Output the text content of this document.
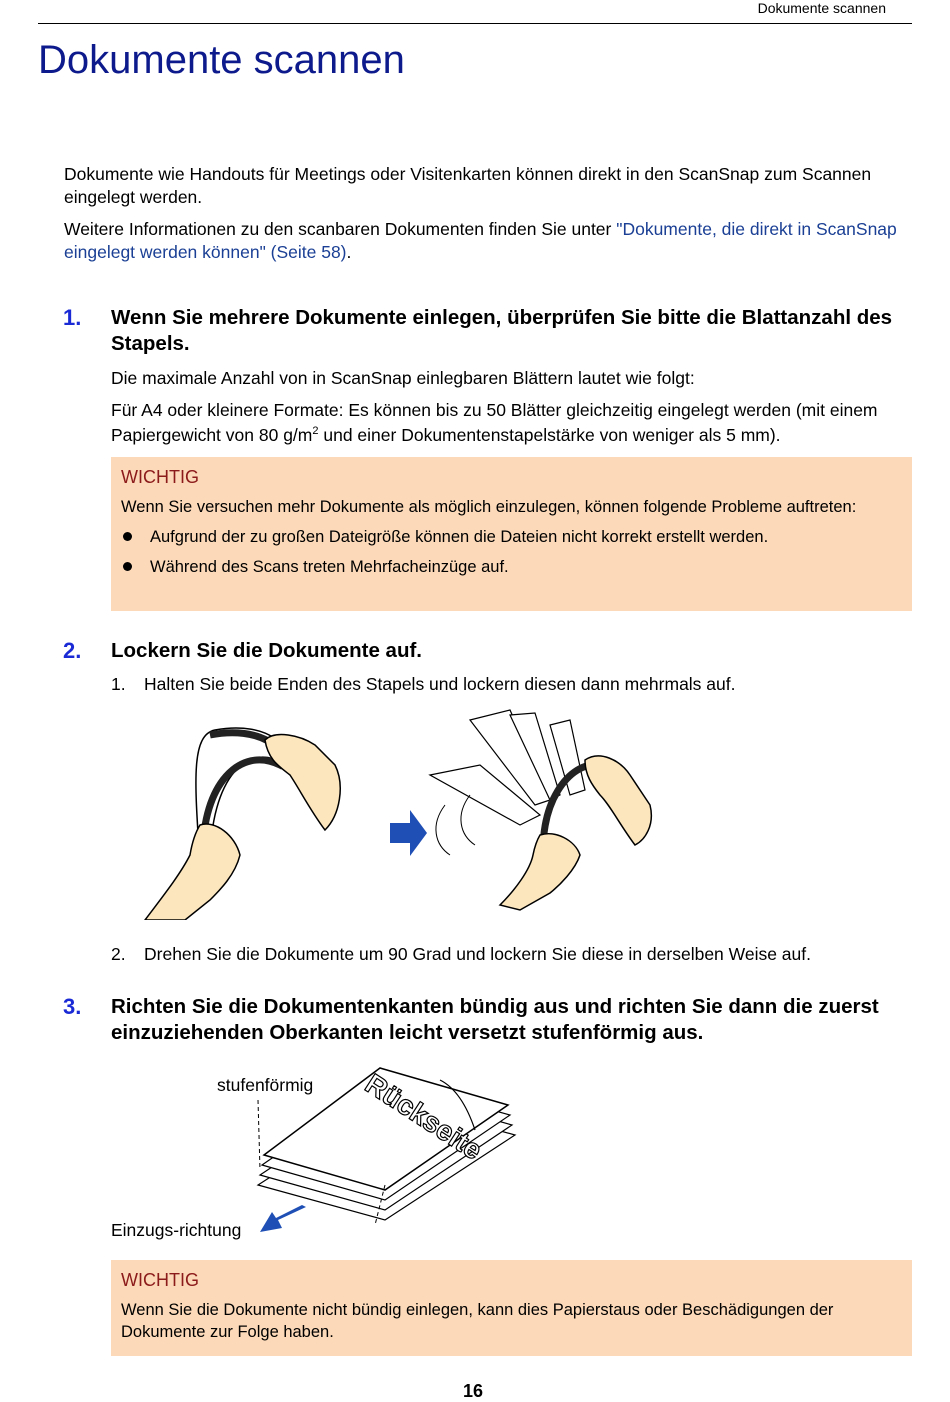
Dokumente scannen
Dokumente scannen
Dokumente wie Handouts für Meetings oder Visitenkarten können direkt in den ScanSnap zum Scannen eingelegt werden.
Weitere Informationen zu den scanbaren Dokumenten finden Sie unter "Dokumente, die direkt in ScanSnap eingelegt werden können" (Seite 58).
1. Wenn Sie mehrere Dokumente einlegen, überprüfen Sie bitte die Blattanzahl des Stapels.
Die maximale Anzahl von in ScanSnap einlegbaren Blättern lautet wie folgt:
Für A4 oder kleinere Formate: Es können bis zu 50 Blätter gleichzeitig eingelegt werden (mit einem Papiergewicht von 80 $g/m^2$ und einer Dokumentenstapelstärke von weniger als 5 mm).
WICHTIG
Wenn Sie versuchen mehr Dokumente als möglich einzulegen, können folgende Probleme auftreten:
Aufgrund der zu großen Dateigröße können die Dateien nicht korrekt erstellt werden.
Während des Scans treten Mehrfacheinzüge auf.
2. Lockern Sie die Dokumente auf.
1. Halten Sie beide Enden des Stapels und lockern diesen dann mehrmals auf.
2. Drehen Sie die Dokumente um 90 Grad und lockern Sie diese in derselben Weise auf.
3. Richten Sie die Dokumentenkanten bündig aus und richten Sie dann die zuerst einzuziehenden Oberkanten leicht versetzt stufenförmig aus.
stufenförmig
Einzugs-richtung
Rückseite
WICHTIG
Wenn Sie die Dokumente nicht bündig einlegen, kann dies Papierstaus oder Beschädigungen der Dokumente zur Folge haben.
16
